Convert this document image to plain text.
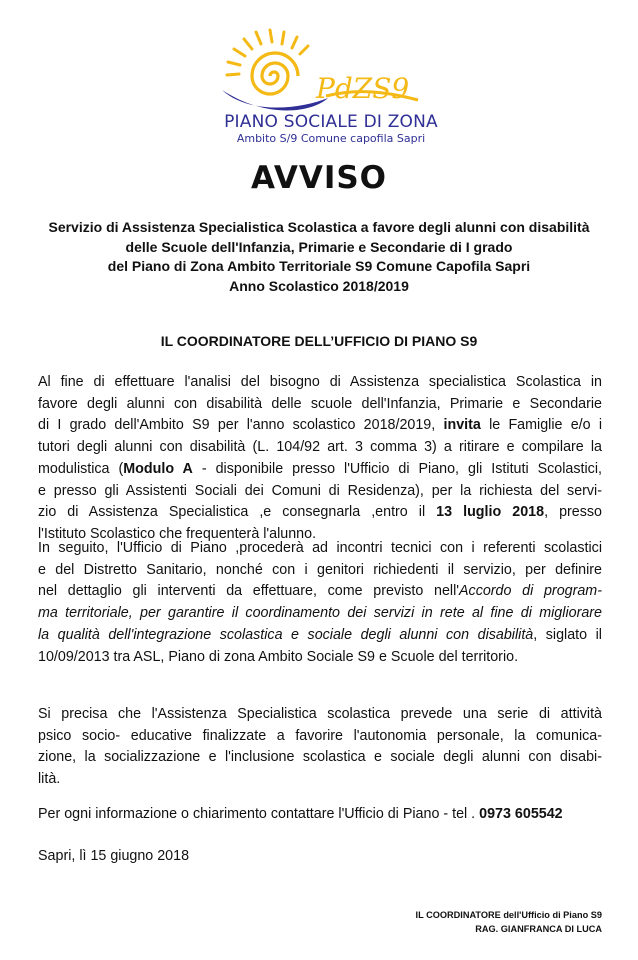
PdZS9
PIANO SOCIALE DI ZONA
Ambito S/9 Comune capofila Sapri
AVVISO
Servizio di Assistenza Specialistica Scolastica a favore degli alunni con disabilità
delle Scuole dell'Infanzia, Primarie e Secondarie di I grado
del Piano di Zona Ambito Territoriale S9 Comune Capofila Sapri
Anno Scolastico 2018/2019
IL COORDINATORE DELL’UFFICIO DI PIANO S9
Al fine di effettuare l'analisi del bisogno di Assistenza specialistica Scolastica in
favore degli alunni con disabilità delle scuole dell'Infanzia, Primarie e Secondarie
di I grado dell'Ambito S9 per l'anno scolastico 2018/2019, invita le Famiglie e/o i
tutori degli alunni con disabilità (L. 104/92 art. 3 comma 3) a ritirare e compilare la
modulistica (Modulo A - disponibile presso l'Ufficio di Piano, gli Istituti Scolastici,
e presso gli Assistenti Sociali dei Comuni di Residenza), per la richiesta del servi-
zio di Assistenza Specialistica ,e consegnarla ,entro il 13 luglio 2018, presso
l'Istituto Scolastico che frequenterà l'alunno.
In seguito, l'Ufficio di Piano ,procederà ad incontri tecnici con i referenti scolastici
e del Distretto Sanitario, nonché con i genitori richiedenti il servizio, per definire
nel dettaglio gli interventi da effettuare, come previsto nell'Accordo di program-
ma territoriale, per garantire il coordinamento dei servizi in rete al fine di migliorare
la qualità dell'integrazione scolastica e sociale degli alunni con disabilità, siglato il
10/09/2013 tra ASL, Piano di zona Ambito Sociale S9 e Scuole del territorio.
Si precisa che l'Assistenza Specialistica scolastica prevede una serie di attività
psico socio- educative finalizzate a favorire l'autonomia personale, la comunica-
zione, la socializzazione e l'inclusione scolastica e sociale degli alunni con disabi-
lità.
Per ogni informazione o chiarimento contattare l'Ufficio di Piano - tel . 0973 605542
Sapri, lì 15 giugno 2018
IL COORDINATORE dell'Ufficio di Piano S9
RAG. GIANFRANCA DI LUCA
